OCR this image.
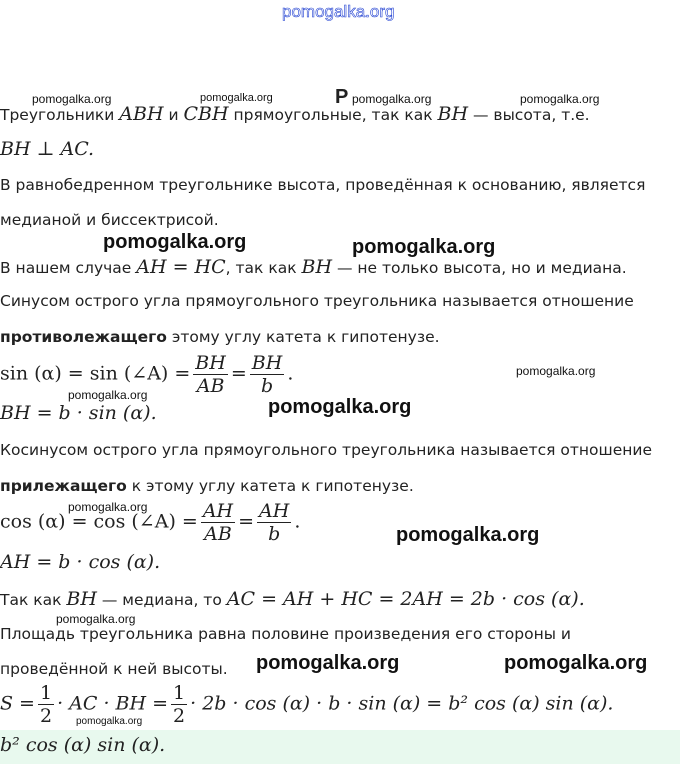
pomogalka.org
Р
Треугольники ABH и CBH прямоугольные, так как BH — высота, т.е.
BH ⊥ AC.
В равнобедренном треугольнике высота, проведённая к основанию, является
медианой и биссектрисой.
В нашем случае AH = HC, так как BH — не только высота, но и медиана.
Синусом острого угла прямоугольного треугольника называется отношение
противолежащего этому углу катета к гипотенузе.
sin (α) = sin (∠A) = $\frac{BH}{AB} = \frac{BH}{b}$ .
BH = b · sin (α).
Косинусом острого угла прямоугольного треугольника называется отношение
прилежащего к этому углу катета к гипотенузе.
cos (α) = cos (∠A) = $\frac{AH}{AB} = \frac{AH}{b}$ .
AH = b · cos (α).
Так как BH — медиана, то AC = AH + HC = 2AH = 2b · cos (α).
Площадь треугольника равна половине произведения его стороны и
проведённой к ней высоты.
$S = \frac{1}{2}$ · AC · BH = $\frac{1}{2} \cdot 2b \cdot \cos (\alpha) \cdot b \cdot \sin (\alpha) = b^2$ cos (α) sin (α).
b² cos (α) sin (α).
pomogalka.org	pomogalka.org	pomogalka.org	pomogalka.org
pomogalka.org	pomogalka.org
pomogalka.org
pomogalka.org
pomogalka.org
pomogalka.org
pomogalka.org
pomogalka.org
pomogalka.org	pomogalka.org
pomogalka.org
